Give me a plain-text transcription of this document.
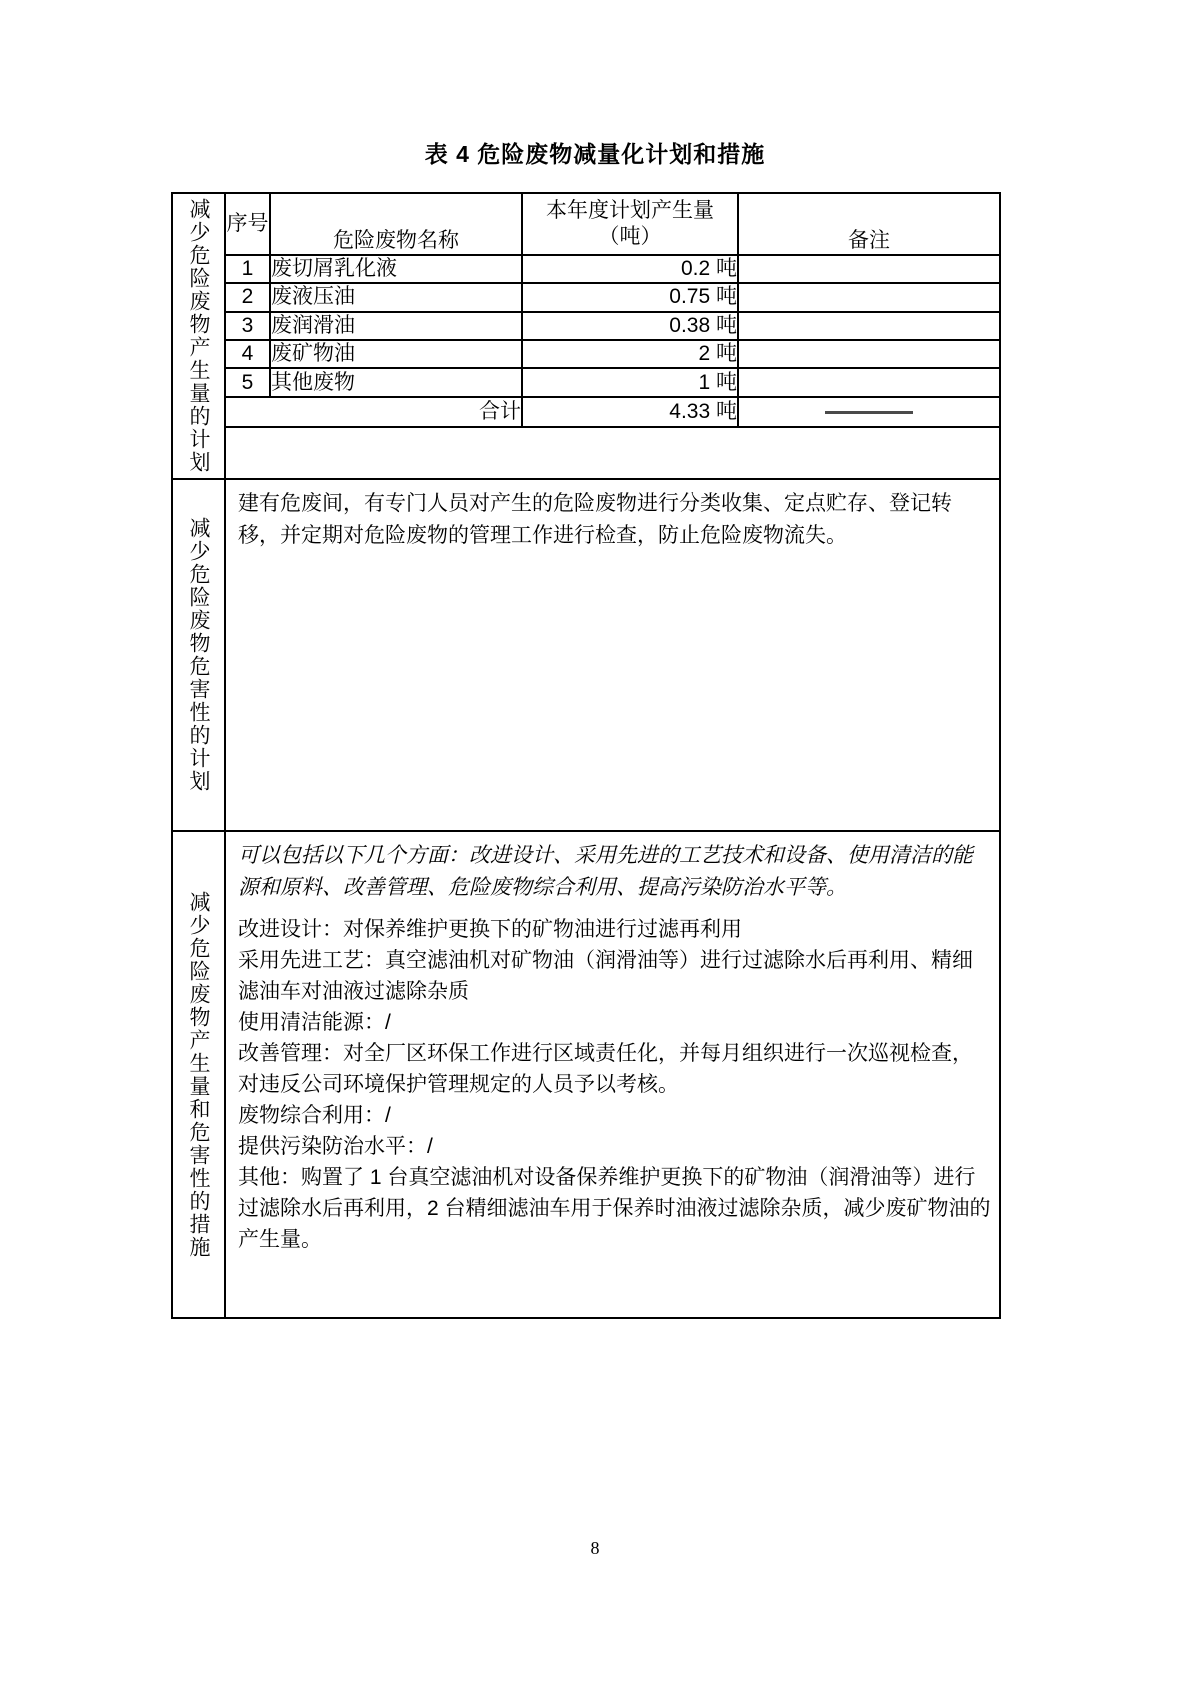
表 4 危险废物减量化计划和措施
减少危险废物产生量的计划 序号	危险废物名称	本年度计划产生量（吨）	备注
1	废切屑乳化液	0.2 吨	
2	废液压油	0.75 吨	
3	废润滑油	0.38 吨	
4	废矿物油	2 吨	
5	其他废物	1 吨	
合计		4.33 吨	

减少危险废物危害性的计划
建有危废间，有专门人员对产生的危险废物进行分类收集、定点贮存、登记转
移，并定期对危险废物的管理工作进行检查，防止危险废物流失。
减少危险废物产生量和危害性的措施
可以包括以下几个方面：改进设计、采用先进的工艺技术和设备、使用清洁的能
源和原料、改善管理、危险废物综合利用、提高污染防治水平等。
改进设计：对保养维护更换下的矿物油进行过滤再利用
采用先进工艺：真空滤油机对矿物油（润滑油等）进行过滤除水后再利用、精细
滤油车对油液过滤除杂质
使用清洁能源：/
改善管理：对全厂区环保工作进行区域责任化，并每月组织进行一次巡视检查，
对违反公司环境保护管理规定的人员予以考核。
废物综合利用：/
提供污染防治水平：/
其他：购置了 1 台真空滤油机对设备保养维护更换下的矿物油（润滑油等）进行
过滤除水后再利用，2 台精细滤油车用于保养时油液过滤除杂质，减少废矿物油的
产生量。
8
